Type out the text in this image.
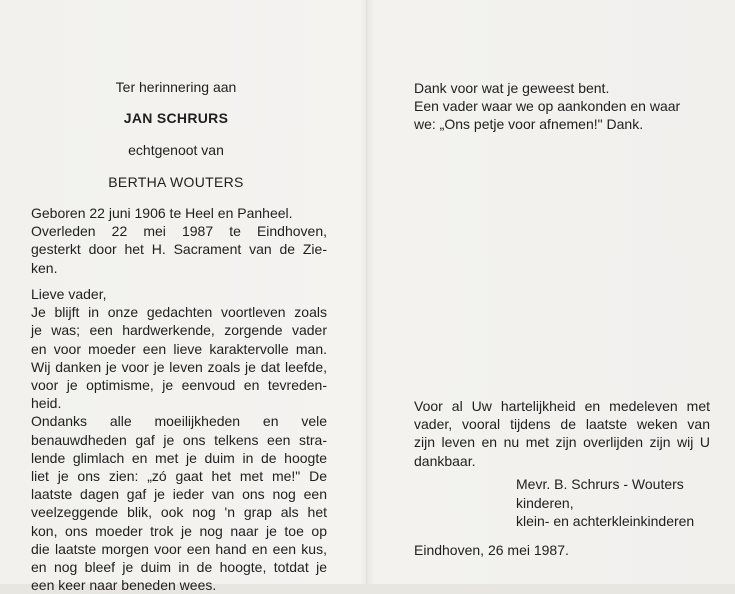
Ter herinnering aan

JAN SCHRURS

echtgenoot van

BERTHA WOUTERS

Geboren 22 juni 1906 te Heel en Panheel.
Overleden 22 mei 1987 te Eindhoven,
gesterkt door het H. Sacrament van de Zie-
ken.
Lieve vader,
Je blijft in onze gedachten voortleven zoals
je was; een hardwerkende, zorgende vader
en voor moeder een lieve karaktervolle man.
Wij danken je voor je leven zoals je dat leefde,
voor je optimisme, je eenvoud en tevreden-
heid.
Ondanks alle moeilijkheden en vele
benauwdheden gaf je ons telkens een stra-
lende glimlach en met je duim in de hoogte
liet je ons zien: „zó gaat het met me!" De
laatste dagen gaf je ieder van ons nog een
veelzeggende blik, ook nog 'n grap als het
kon, ons moeder trok je nog naar je toe op
die laatste morgen voor een hand en een kus,
en nog bleef je duim in de hoogte, totdat je
een keer naar beneden wees.
Dank voor wat je geweest bent.
Een vader waar we op aankonden en waar
we: „Ons petje voor afnemen!" Dank.
Voor al Uw hartelijkheid en medeleven met
vader, vooral tijdens de laatste weken van
zijn leven en nu met zijn overlijden zijn wij U
dankbaar.
Mevr. B. Schrurs - Wouters
kinderen,
klein- en achterkleinkinderen

Eindhoven, 26 mei 1987.
